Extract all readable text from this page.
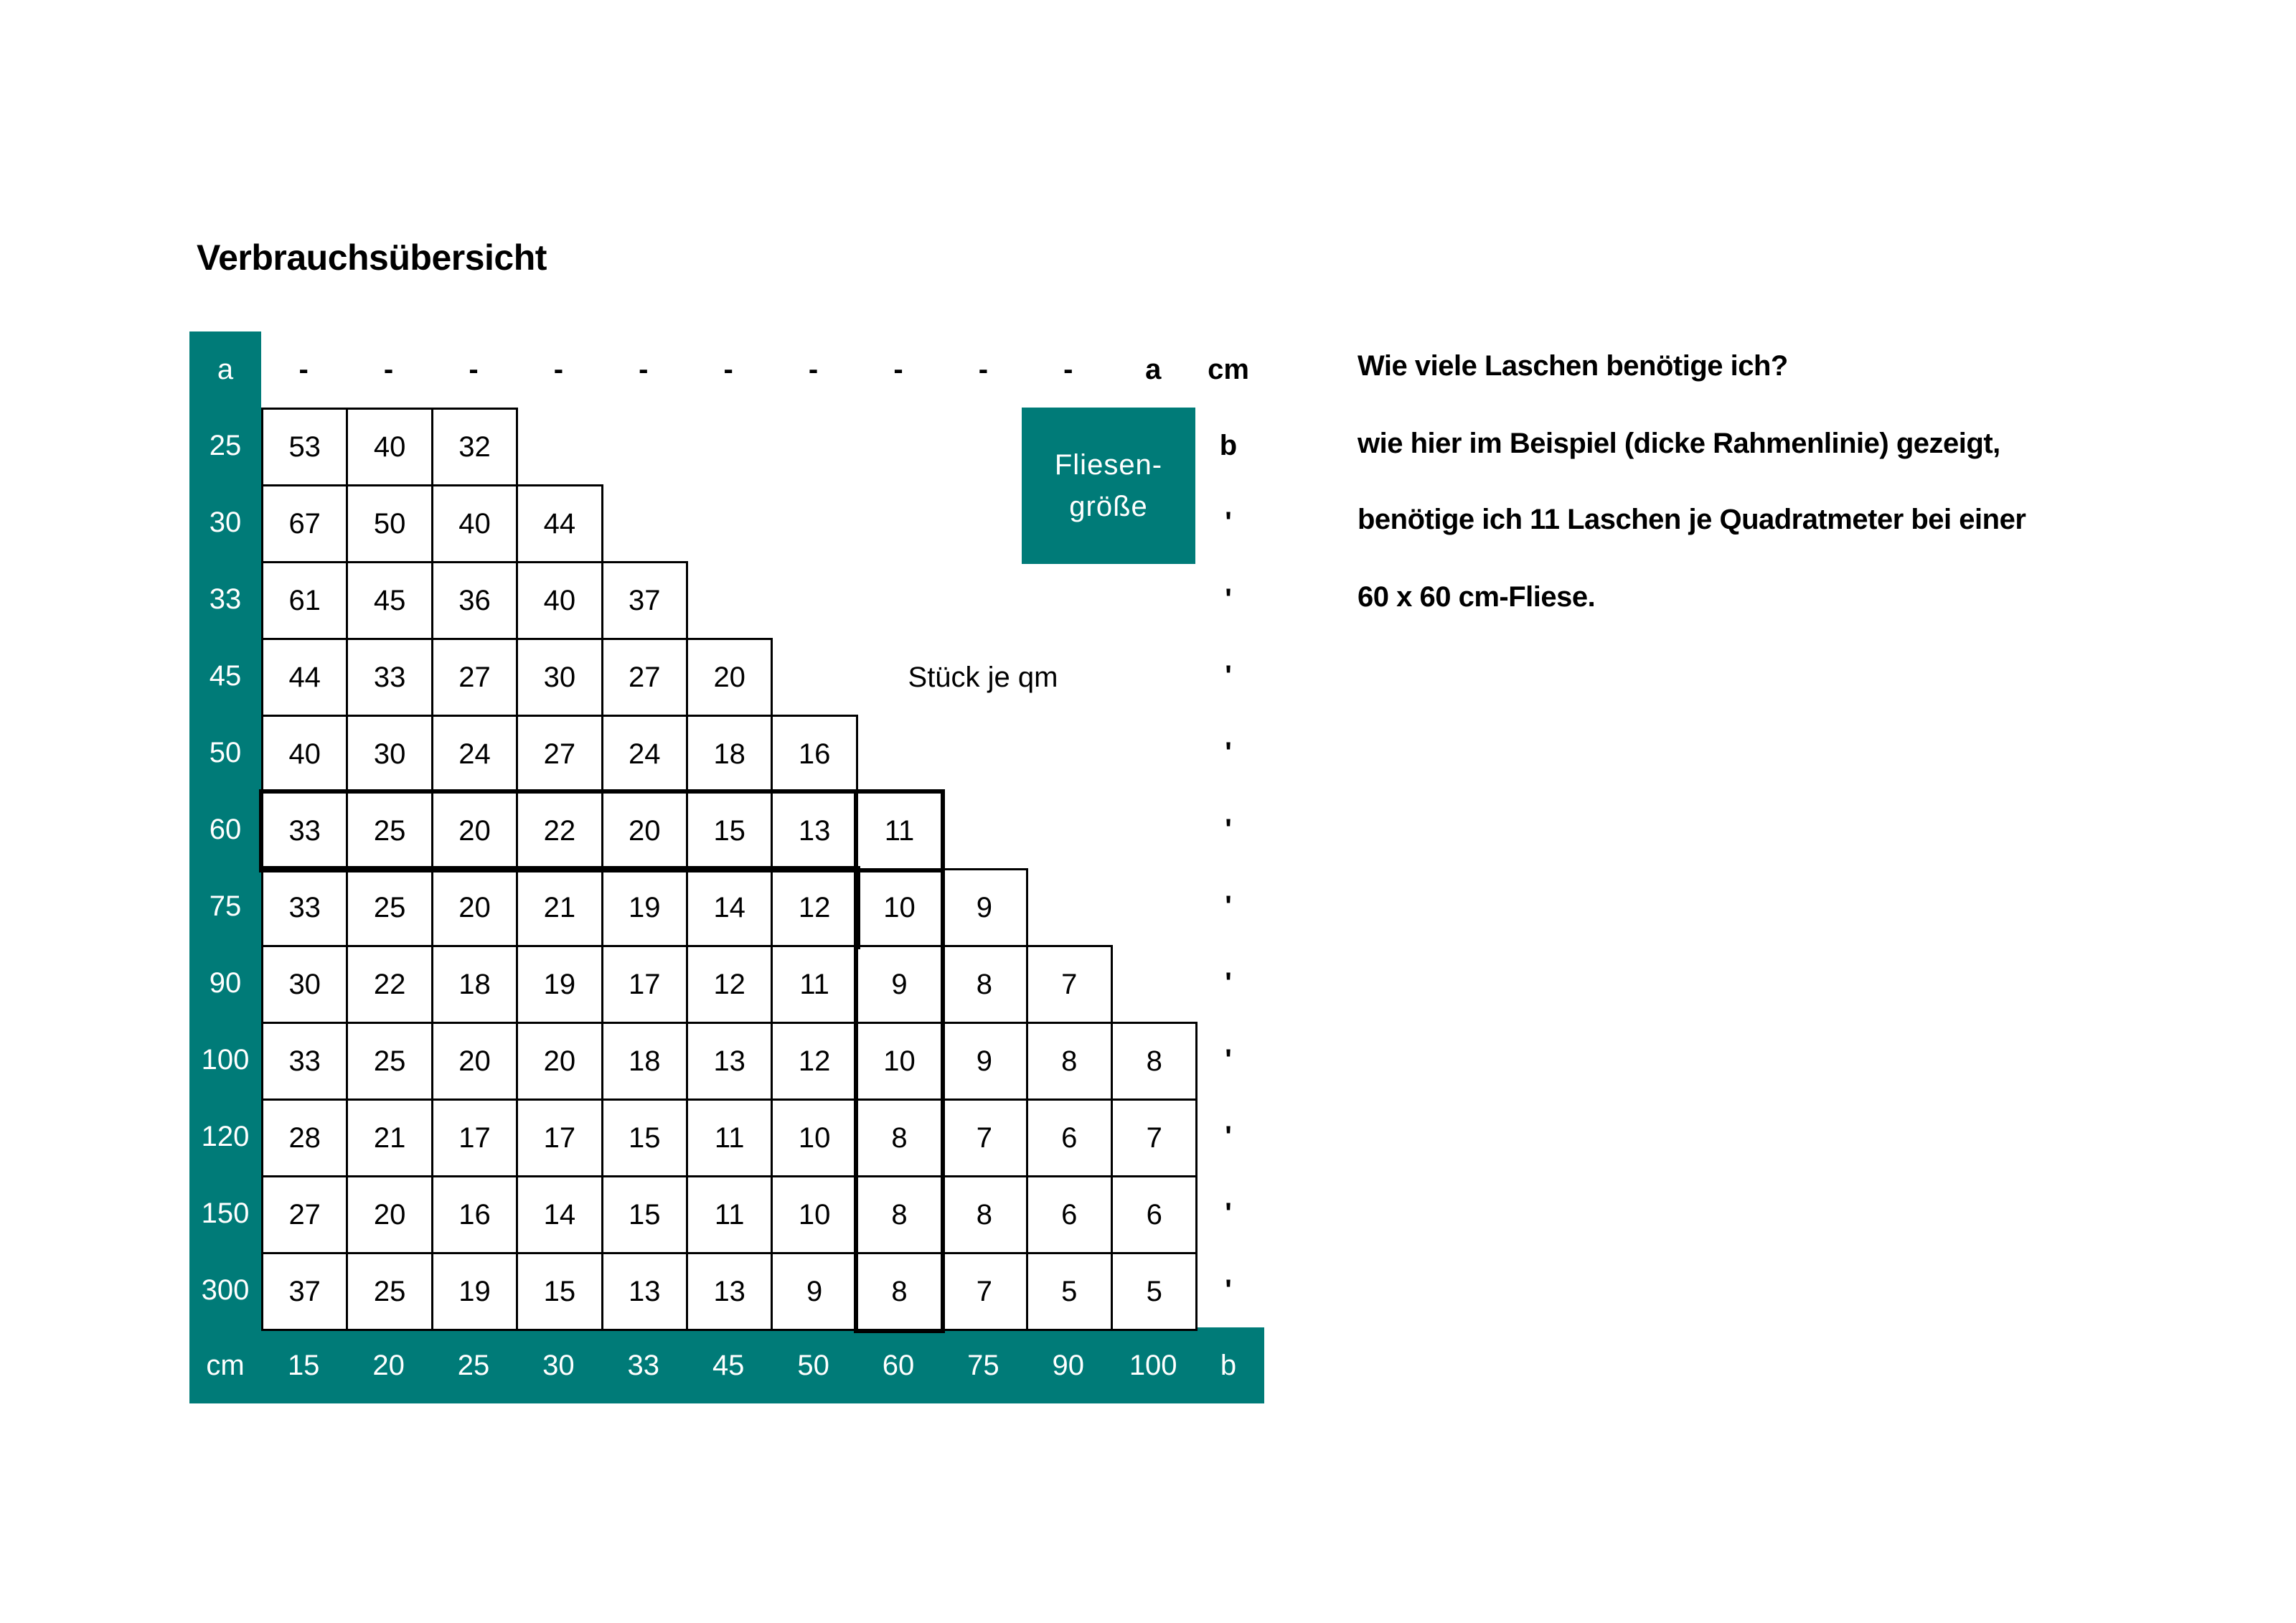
Verbrauchsübersicht
a	-	-	-	-	-	-	-	-	-	-	a	cm
25	53	40	32
30	67	50	40	44
33	61	45	36	40	37
45	44	33	27	30	27	20
50	40	30	24	27	24	18	16
60	33	25	20	22	20	15	13	11
75	33	25	20	21	19	14	12	10	9
90	30	22	18	19	17	12	11	9	8	7
100	33	25	20	20	18	13	12	10	9	8	8
120	28	21	17	17	15	11	10	8	7	6	7
150	27	20	16	14	15	11	10	8	8	6	6
300	37	25	19	15	13	13	9	8	7	5	5
b
'
'
'
'
'
'
'
'
'
'
'
cm	15	20	25	30	33	45	50	60	75	90	100	b
Fliesen-
größe
Stück je qm
Wie viele Laschen benötige ich?
wie hier im Beispiel (dicke Rahmenlinie) gezeigt,
benötige ich 11 Laschen je Quadratmeter bei einer
60 x 60 cm-Fliese.
